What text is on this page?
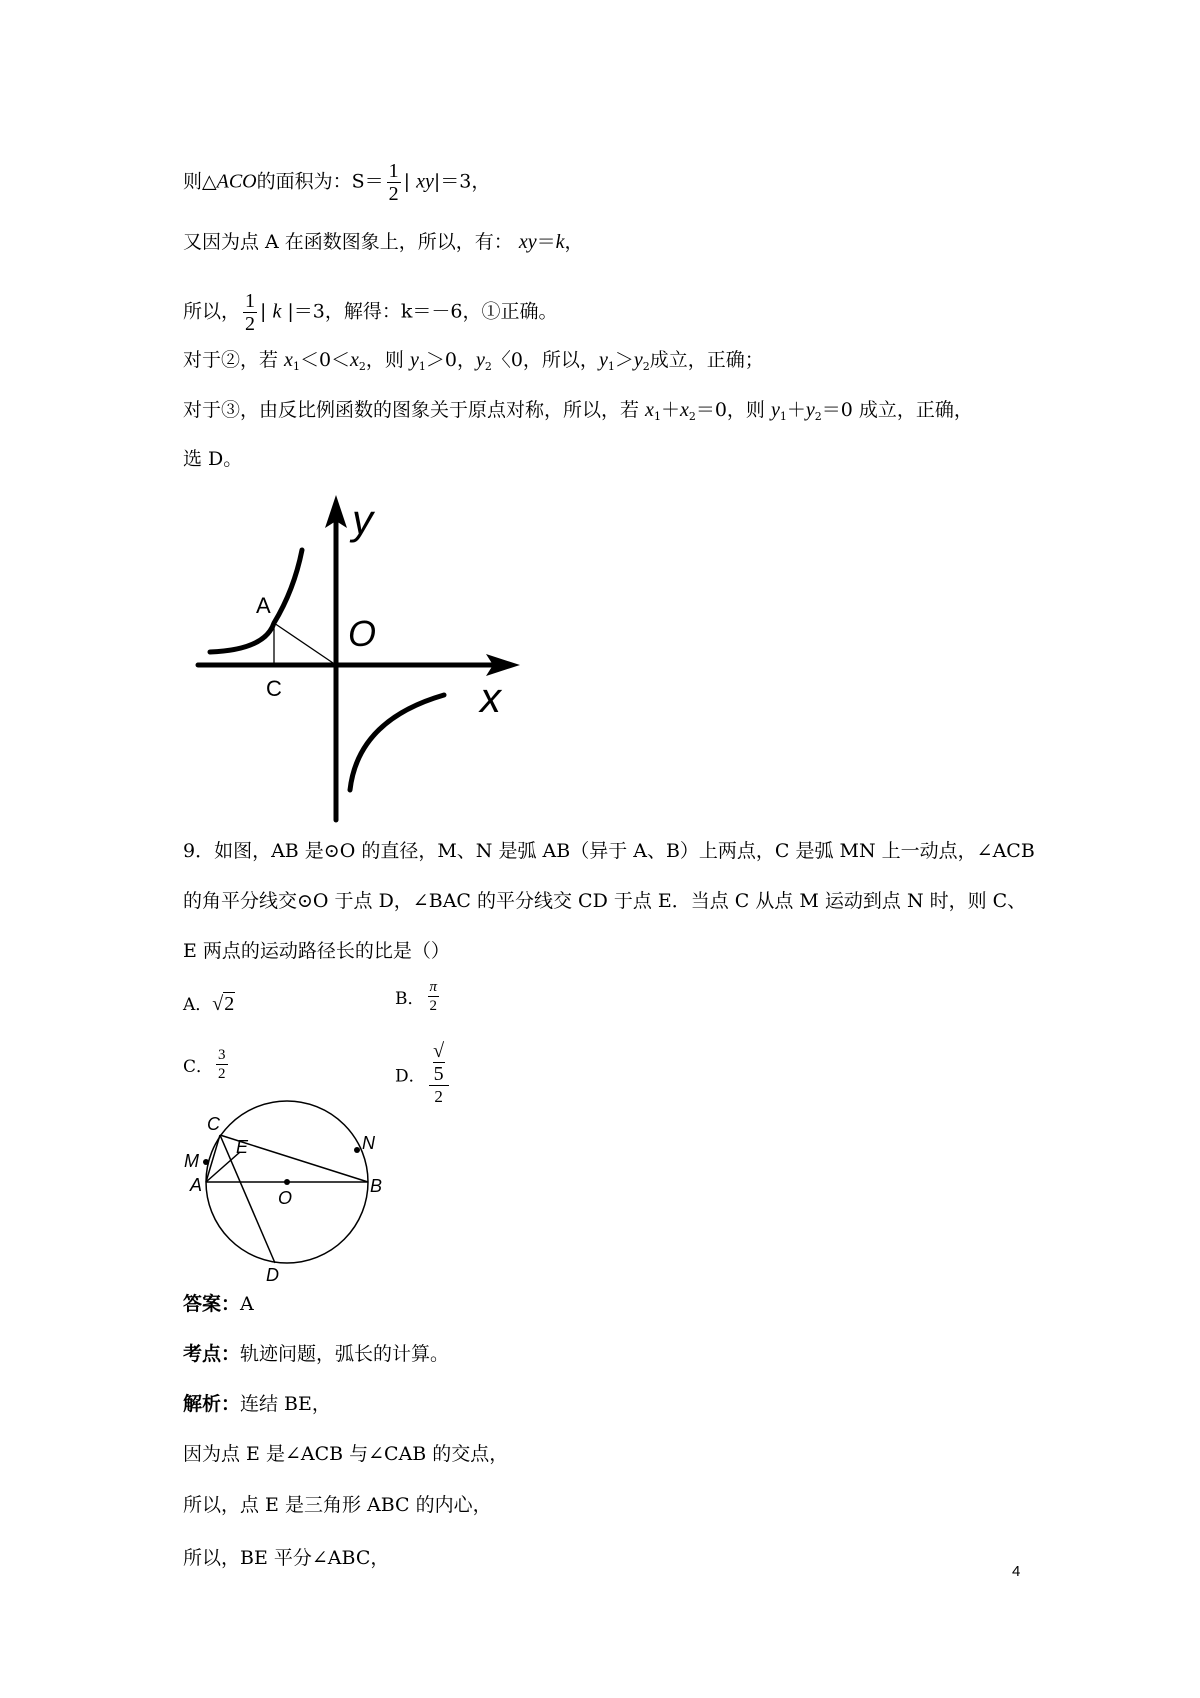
则△ACO的面积为：$S= \frac{1}{2}$ | xy|＝3，
又因为点 A 在函数图象上，所以，有： xy＝k，
所以， $\frac{1}{2}$ | k |＝3，解得：k＝－6，①正确。
对于②，若 $x_1<0<x_2$，则 $y_1>0$，$y_2$〈0，所以，$y_1>y_2$成立，正确；
对于③，由反比例函数的图象关于原点对称，所以，若 $x_1+x_2=0$，则 $y_1+y_2=0$ 成立，正确，
选 D。
y
x
O
A
C
9．如图，AB 是⊙O 的直径，M、N 是弧 AB（异于 A、B）上两点，C 是弧 MN 上一动点，∠ACB
的角平分线交⊙O 于点 D，∠BAC 的平分线交 CD 于点 E．当点 C 从点 M 运动到点 N 时，则 C、
E 两点的运动路径长的比是（）
A．√2	B． $\frac{\pi}{2}$
C． $\frac{3}{2}$	D． √
5
2
C
M
E	N
A
O
B
D
答案：A
考点：轨迹问题，弧长的计算。
解析：连结 BE，
因为点 E 是∠ACB 与∠CAB 的交点，
所以，点 E 是三角形 ABC 的内心，
所以，BE 平分∠ABC，
4
